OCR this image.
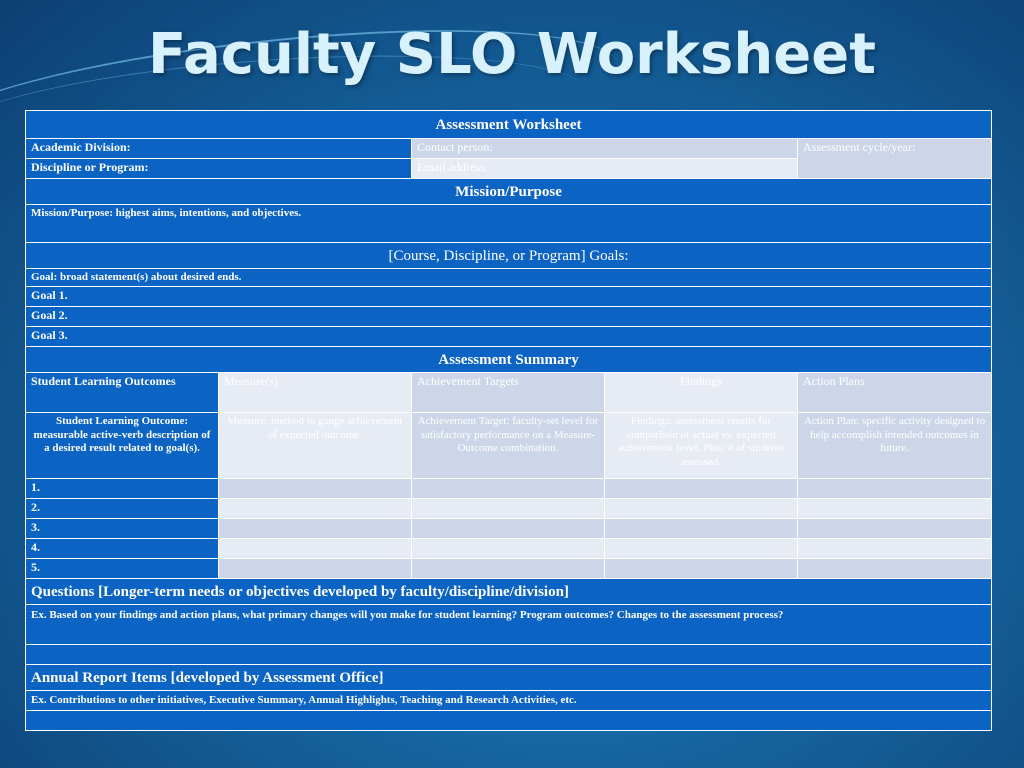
Faculty SLO Worksheet
Assessment Worksheet				
Academic Division:		Contact person:		Assessment cycle/year:
Discipline or Program:		Email address:		
Mission/Purpose				
Mission/Purpose: highest aims, intentions, and objectives.				
[Course, Discipline, or Program] Goals:				
Goal: broad statement(s) about desired ends.				
Goal 1.				
Goal 2.				
Goal 3.				
Assessment Summary				
Student Learning Outcomes	Measure(s)	Achievement Targets	Findings	Action Plans
Student Learning Outcome: measurable active-verb description of a desired result related to goal(s).	Measure: method to gauge achievement of expected outcome.	Achievement Target: faculty-set level for satisfactory performance on a Measure-Outcome combination.	Findings: assessment results for comparison of actual vs. expected achievement level. Plus: # of students assessed.	Action Plan: specific activity designed to help accomplish intended outcomes in future.
1.				
2.				
3.				
4.				
5.				
Questions [Longer-term needs or objectives developed by faculty/discipline/division]				
Ex. Based on your findings and action plans, what primary changes will you make for student learning? Program outcomes? Changes to the assessment process?				

Annual Report Items [developed by Assessment Office]				
Ex. Contributions to other initiatives, Executive Summary, Annual Highlights, Teaching and Research Activities, etc.				
